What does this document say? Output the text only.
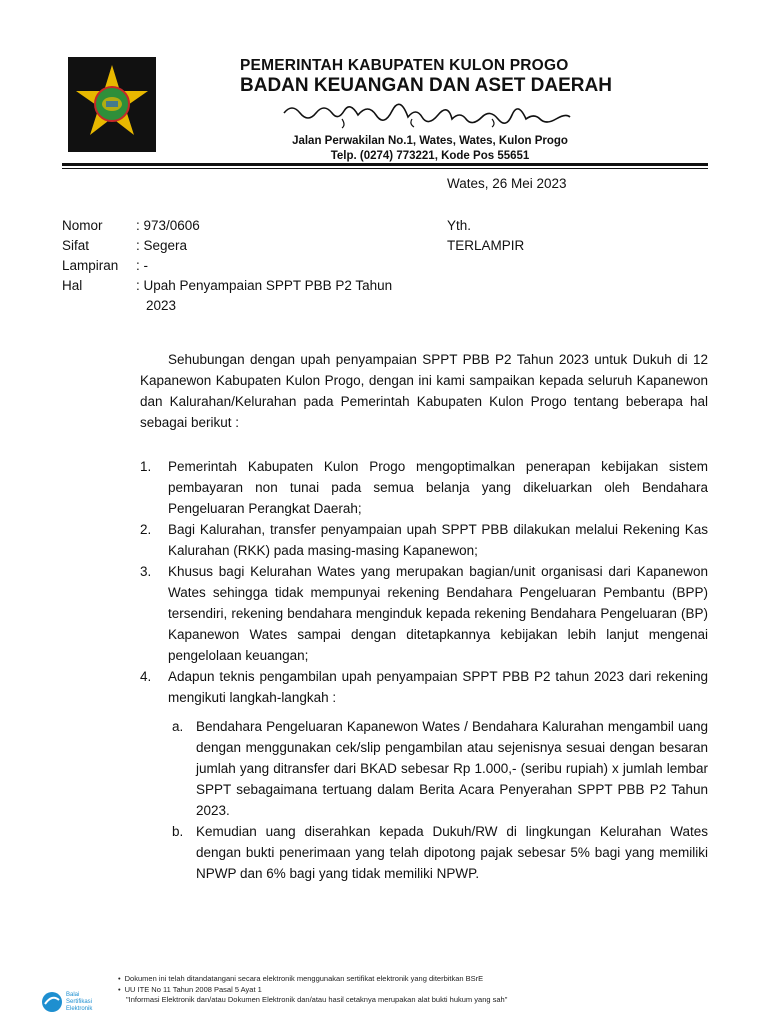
PEMERINTAH KABUPATEN KULON PROGO
BADAN KEUANGAN DAN ASET DAERAH
Jalan Perwakilan No.1, Wates, Wates, Kulon Progo
Telp. (0274) 773221, Kode Pos 55651
Wates, 26 Mei 2023
Nomor	: 973/0606
Sifat	: Segera
Lampiran	: -
Hal	: Upah Penyampaian SPPT PBB P2 Tahun
2023
Yth.
TERLAMPIR
Sehubungan dengan upah penyampaian SPPT PBB P2 Tahun 2023 untuk Dukuh di 12 Kapanewon Kabupaten Kulon Progo, dengan ini kami sampaikan kepada seluruh Kapanewon dan Kalurahan/Kelurahan pada Pemerintah Kabupaten Kulon Progo tentang beberapa hal sebagai berikut :
1.	Pemerintah Kabupaten Kulon Progo mengoptimalkan penerapan kebijakan sistem pembayaran non tunai pada semua belanja yang dikeluarkan oleh Bendahara Pengeluaran Perangkat Daerah;
2.	Bagi Kalurahan, transfer penyampaian upah SPPT PBB dilakukan melalui Rekening Kas Kalurahan (RKK) pada masing-masing Kapanewon;
3.	Khusus bagi Kelurahan Wates yang merupakan bagian/unit organisasi dari Kapanewon Wates sehingga tidak mempunyai rekening Bendahara Pengeluaran Pembantu (BPP) tersendiri, rekening bendahara menginduk kepada rekening Bendahara Pengeluaran (BP) Kapanewon Wates sampai dengan ditetapkannya kebijakan lebih lanjut mengenai pengelolaan keuangan;
4.	Adapun teknis pengambilan upah penyampaian SPPT PBB P2 tahun 2023 dari rekening mengikuti langkah-langkah :
a. Bendahara Pengeluaran Kapanewon Wates / Bendahara Kalurahan mengambil uang dengan menggunakan cek/slip pengambilan atau sejenisnya sesuai dengan besaran jumlah yang ditransfer dari BKAD sebesar Rp 1.000,- (seribu rupiah) x jumlah lembar SPPT sebagaimana tertuang dalam Berita Acara Penyerahan SPPT PBB P2 Tahun 2023.
b. Kemudian uang diserahkan kepada Dukuh/RW di lingkungan Kelurahan Wates dengan bukti penerimaan yang telah dipotong pajak sebesar 5% bagi yang memiliki NPWP dan 6% bagi yang tidak memiliki NPWP.
Balai
Sertifikasi
Elektronik
• Dokumen ini telah ditandatangani secara elektronik menggunakan sertifikat elektronik yang diterbitkan BSrE
• UU ITE No 11 Tahun 2008 Pasal 5 Ayat 1
"Informasi Elektronik dan/atau Dokumen Elektronik dan/atau hasil cetaknya merupakan alat bukti hukum yang sah"
